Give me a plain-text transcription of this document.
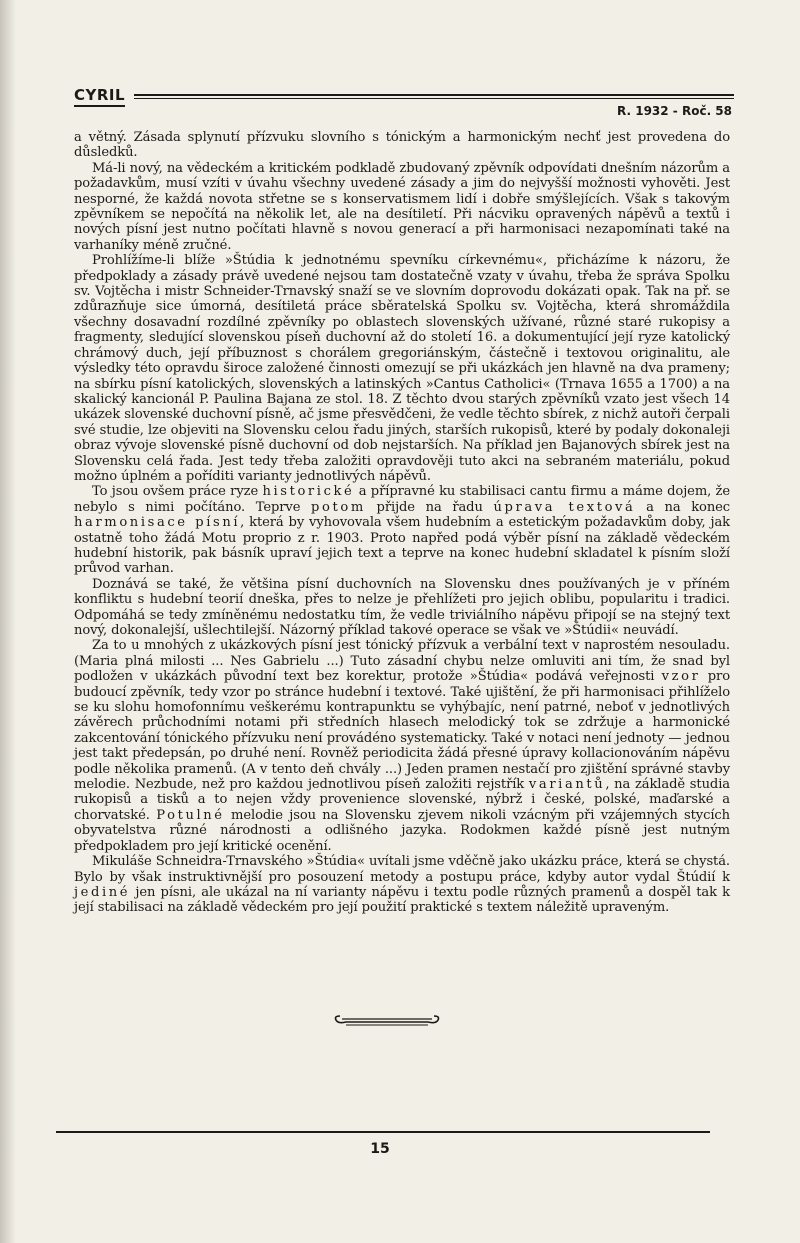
CYRIL
R. 1932 - Roč. 58

a větný. Zásada splynutí přízvuku slovního s tónickým a harmonickým nechť jest provedena do důsledků.

Má-li nový, na vědeckém a kritickém podkladě zbudovaný zpěvník odpovídati dnešním názorům a požadavkům, musí vzíti v úvahu všechny uvedené zásady a jim do nejvyšší možnosti vyhověti. Jest nesporné, že každá novota střetne se s konservatismem lidí i dobře smýšlejících. Však s takovým zpěvníkem se nepočítá na několik let, ale na desítiletí. Při nácviku opravených nápěvů a textů i nových písní jest nutno počítati hlavně s novou generací a při harmonisaci nezapomínati také na varhaníky méně zručné.

Prohlížíme-li blíže »Štúdia k jednotnému spevníku církevnému«, přicházíme k názoru, že předpoklady a zásady právě uvedené nejsou tam dostatečně vzaty v úvahu, třeba že správa Spolku sv. Vojtěcha i mistr Schneider-Trnavský snaží se ve slovním doprovodu dokázati opak. Tak na př. se zdůrazňuje sice úmorná, desítiletá práce sběratelská Spolku sv. Vojtěcha, která shromáždila všechny dosavadní rozdílné zpěvníky po oblastech slovenských užívané, různé staré rukopisy a fragmenty, sledující slovenskou píseň duchovní až do století 16. a dokumentující její ryze katolický chrámový duch, její příbuznost s chorálem gregoriánským, částečně i textovou originalitu, ale výsledky této opravdu široce založené činnosti omezují se při ukázkách jen hlavně na dva prameny; na sbírku písní katolických, slovenských a latinských »Cantus Catholici« (Trnava 1655 a 1700) a na skalický kancionál P. Paulina Bajana ze stol. 18. Z těchto dvou starých zpěvníků vzato jest všech 14 ukázek slovenské duchovní písně, ač jsme přesvědčeni, že vedle těchto sbírek, z nichž autoři čerpali své studie, lze objeviti na Slovensku celou řadu jiných, starších rukopisů, které by podaly dokonaleji obraz vývoje slovenské písně duchovní od dob nejstarších. Na příklad jen Bajanových sbírek jest na Slovensku celá řada. Jest tedy třeba založiti opravdověji tuto akci na sebraném materiálu, pokud možno úplném a poříditi varianty jednotlivých nápěvů.

To jsou ovšem práce ryze historické a přípravné ku stabilisaci cantu firmu a máme dojem, že nebylo s nimi počítáno. Teprve potom přijde na řadu úprava textová a na konec harmonisace písní, která by vyhovovala všem hudebním a estetickým požadavkům doby, jak ostatně toho žádá Motu proprio z r. 1903. Proto napřed podá výběr písní na základě vědeckém hudební historik, pak básník upraví jejich text a teprve na konec hudební skladatel k písním složí průvod varhan.

Doznává se také, že většina písní duchovních na Slovensku dnes používaných je v příném konfliktu s hudební teorií dneška, přes to nelze je přehlížeti pro jejich oblibu, popularitu i tradici. Odpomáhá se tedy zmíněnému nedostatku tím, že vedle triviálního nápěvu připojí se na stejný text nový, dokonalejší, ušlechtilejší. Názorný příklad takové operace se však ve »Štúdii« neuvádí.

Za to u mnohých z ukázkových písní jest tónický přízvuk a verbální text v naprostém nesouladu. (Maria plná milosti ... Nes Gabrielu ...) Tuto zásadní chybu nelze omluviti ani tím, že snad byl podložen v ukázkách původní text bez korektur, protože »Štúdia« podává veřejnosti vzor pro budoucí zpěvník, tedy vzor po stránce hudební i textové. Také ujištění, že při harmonisaci přihlíželo se ku slohu homofonnímu veškerému kontrapunktu se vyhýbajíc, není patrné, neboť v jednotlivých závěrech průchodními notami při středních hlasech melodický tok se zdržuje a harmonické zakcentování tónického přízvuku není provádéno systematicky. Také v notaci není jednoty — jednou jest takt předepsán, po druhé není. Rovněž periodicita žádá přesné úpravy kollacionováním nápěvu podle několika pramenů. (A v tento deň chvály ...) Jeden pramen nestačí pro zjištění správné stavby melodie. Nezbude, než pro každou jednotlivou píseň založiti rejstřík variantů, na základě studia rukopisů a tisků a to nejen vždy provenience slovenské, nýbrž i české, polské, maďarské a chorvatské. Potulné melodie jsou na Slovensku zjevem nikoli vzácným při vzájemných stycích obyvatelstva různé národnosti a odlišného jazyka. Rodokmen každé písně jest nutným předpokladem pro její kritické ocenění.

Mikuláše Schneidra-Trnavského »Štúdia« uvítali jsme vděčně jako ukázku práce, která se chystá. Bylo by však instruktivnější pro posouzení metody a postupu práce, kdyby autor vydal Štúdií k jediné jen písni, ale ukázal na ní varianty nápěvu i textu podle různých pramenů a dospěl tak k její stabilisaci na základě vědeckém pro její použití praktické s textem náležitě upraveným.

15
